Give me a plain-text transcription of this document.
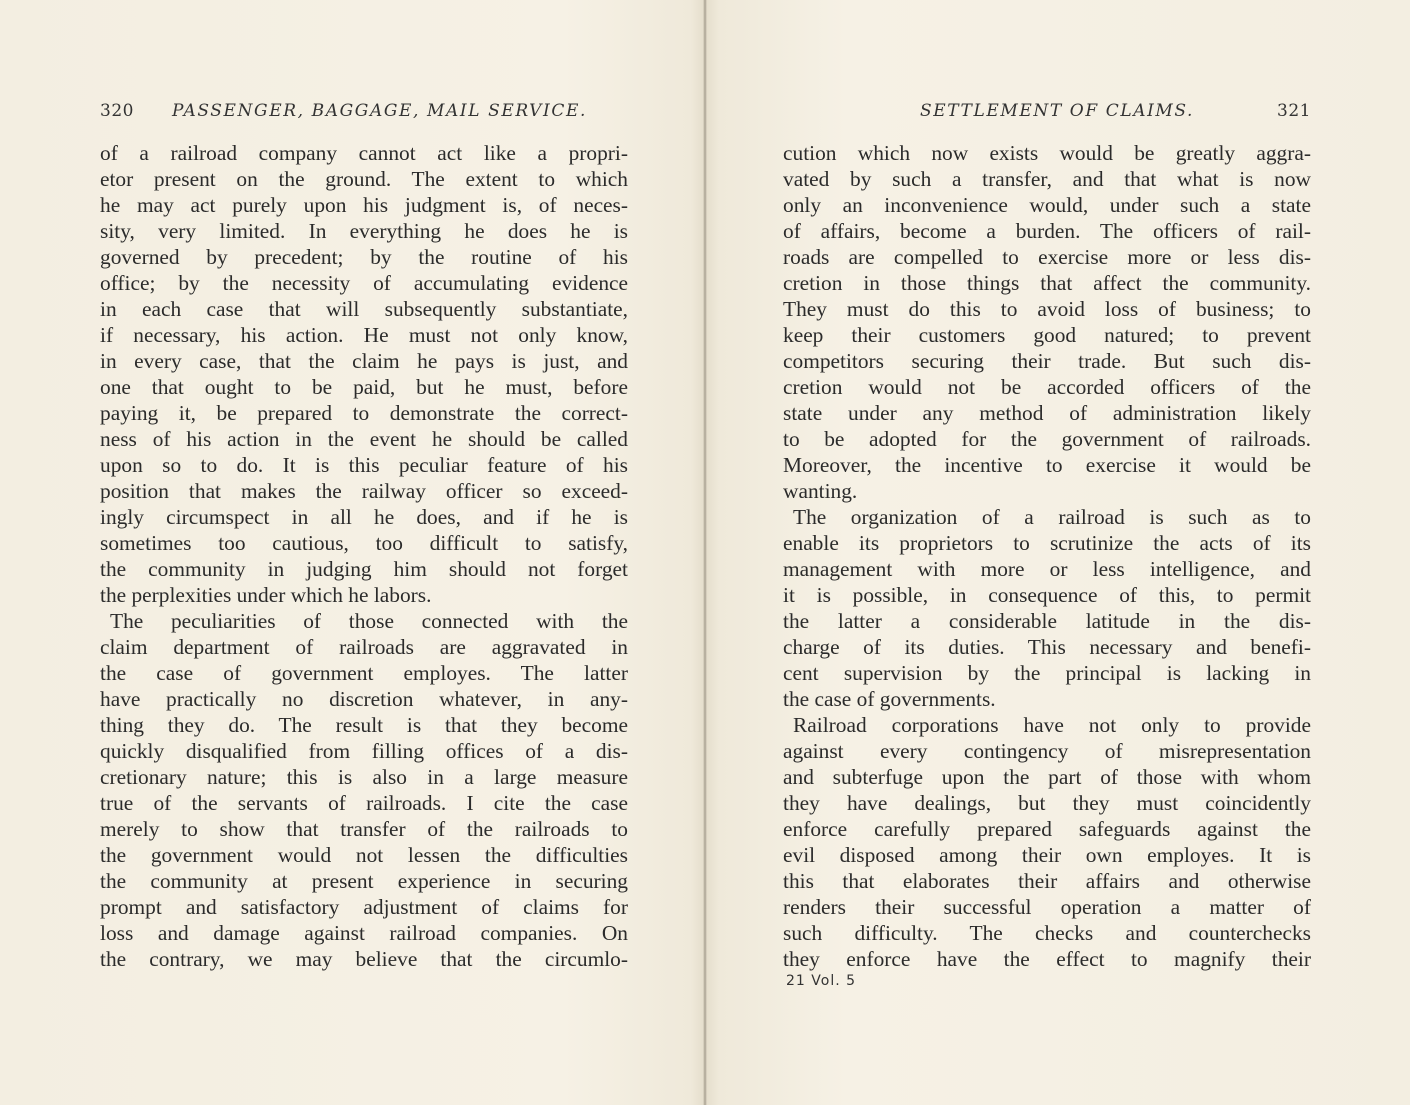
320 PASSENGER, BAGGAGE, MAIL SERVICE.
of a railroad company cannot act like a propri-
etor present on the ground. The extent to which
he may act purely upon his judgment is, of neces-
sity, very limited. In everything he does he is
governed by precedent; by the routine of his
office; by the necessity of accumulating evidence
in each case that will subsequently substantiate,
if necessary, his action. He must not only know,
in every case, that the claim he pays is just, and
one that ought to be paid, but he must, before
paying it, be prepared to demonstrate the correct-
ness of his action in the event he should be called
upon so to do. It is this peculiar feature of his
position that makes the railway officer so exceed-
ingly circumspect in all he does, and if he is
sometimes too cautious, too difficult to satisfy,
the community in judging him should not forget
the perplexities under which he labors.
The peculiarities of those connected with the
claim department of railroads are aggravated in
the case of government employes. The latter
have practically no discretion whatever, in any-
thing they do. The result is that they become
quickly disqualified from filling offices of a dis-
cretionary nature; this is also in a large measure
true of the servants of railroads. I cite the case
merely to show that transfer of the railroads to
the government would not lessen the difficulties
the community at present experience in securing
prompt and satisfactory adjustment of claims for
loss and damage against railroad companies. On
the contrary, we may believe that the circumlo-
SETTLEMENT OF CLAIMS.	321
cution which now exists would be greatly aggra-
vated by such a transfer, and that what is now
only an inconvenience would, under such a state
of affairs, become a burden. The officers of rail-
roads are compelled to exercise more or less dis-
cretion in those things that affect the community.
They must do this to avoid loss of business; to
keep their customers good natured; to prevent
competitors securing their trade. But such dis-
cretion would not be accorded officers of the
state under any method of administration likely
to be adopted for the government of railroads.
Moreover, the incentive to exercise it would be
wanting.
The organization of a railroad is such as to
enable its proprietors to scrutinize the acts of its
management with more or less intelligence, and
it is possible, in consequence of this, to permit
the latter a considerable latitude in the dis-
charge of its duties. This necessary and benefi-
cent supervision by the principal is lacking in
the case of governments.
Railroad corporations have not only to provide
against every contingency of misrepresentation
and subterfuge upon the part of those with whom
they have dealings, but they must coincidently
enforce carefully prepared safeguards against the
evil disposed among their own employes. It is
this that elaborates their affairs and otherwise
renders their successful operation a matter of
such difficulty. The checks and counterchecks
they enforce have the effect to magnify their
21 Vol. 5
